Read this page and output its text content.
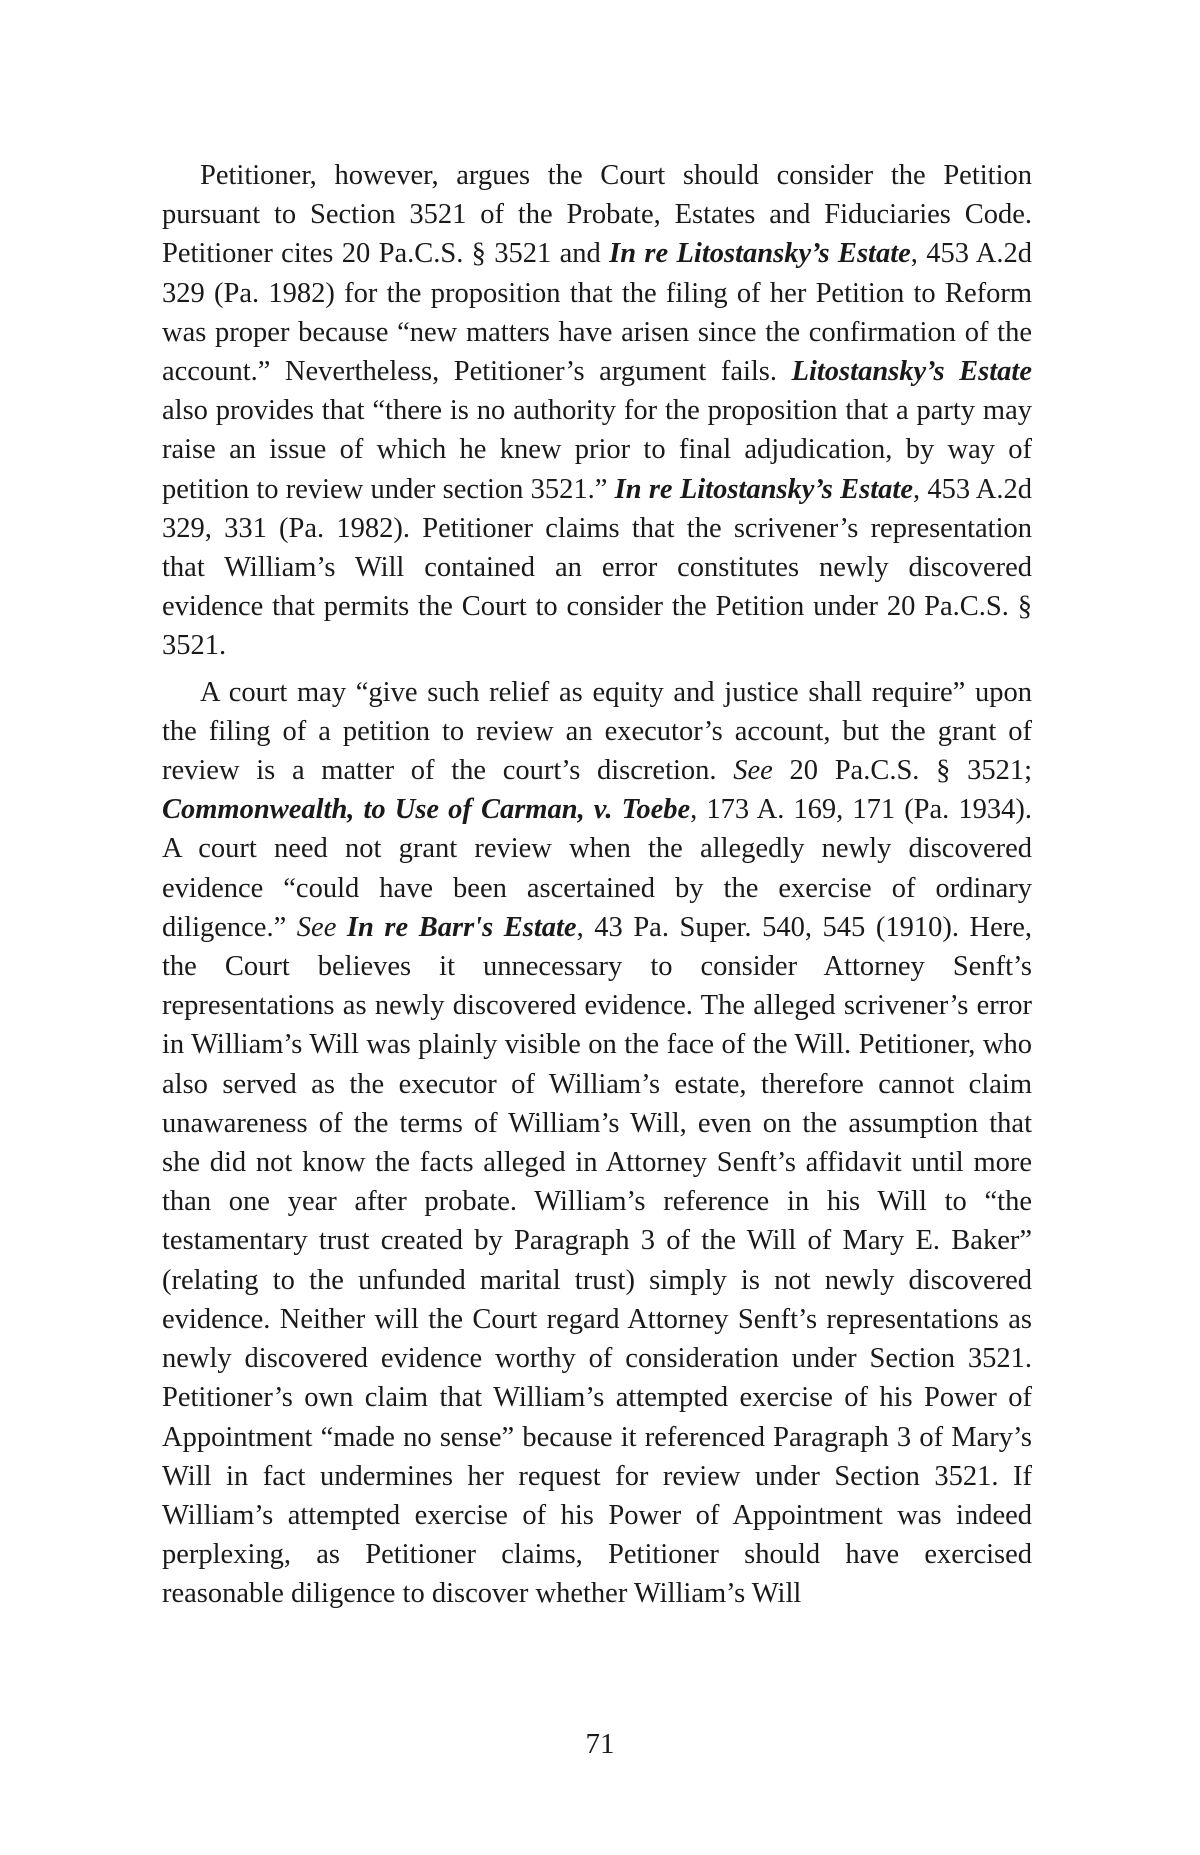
Petitioner, however, argues the Court should consider the Petition pursuant to Section 3521 of the Probate, Estates and Fiduciaries Code. Petitioner cites 20 Pa.C.S. § 3521 and In re Litostansky’s Estate, 453 A.2d 329 (Pa. 1982) for the proposition that the filing of her Petition to Reform was proper because “new matters have arisen since the confirmation of the account.” Nevertheless, Petitioner’s argument fails. Litostansky’s Estate also provides that “there is no authority for the proposition that a party may raise an issue of which he knew prior to final adjudication, by way of petition to review under section 3521.” In re Litostansky’s Estate, 453 A.2d 329, 331 (Pa. 1982). Petitioner claims that the scrivener’s representation that William’s Will contained an error constitutes newly discovered evidence that permits the Court to consider the Petition under 20 Pa.C.S. § 3521.

A court may “give such relief as equity and justice shall require” upon the filing of a petition to review an executor’s account, but the grant of review is a matter of the court’s discretion. See 20 Pa.C.S. § 3521; Commonwealth, to Use of Carman, v. Toebe, 173 A. 169, 171 (Pa. 1934). A court need not grant review when the allegedly newly discovered evidence “could have been ascertained by the exercise of ordinary diligence.” See In re Barr's Estate, 43 Pa. Super. 540, 545 (1910). Here, the Court believes it unnecessary to consider Attorney Senft’s representations as newly discovered evidence. The alleged scrivener’s error in William’s Will was plainly visible on the face of the Will. Petitioner, who also served as the executor of William’s estate, therefore cannot claim unawareness of the terms of William’s Will, even on the assumption that she did not know the facts alleged in Attorney Senft’s affidavit until more than one year after probate. William’s reference in his Will to “the testamentary trust created by Paragraph 3 of the Will of Mary E. Baker” (relating to the unfunded marital trust) simply is not newly discovered evidence. Neither will the Court regard Attorney Senft’s representations as newly discovered evidence worthy of consideration under Section 3521. Petitioner’s own claim that William’s attempted exercise of his Power of Appointment “made no sense” because it referenced Paragraph 3 of Mary’s Will in fact undermines her request for review under Section 3521. If William’s attempted exercise of his Power of Appointment was indeed perplexing, as Petitioner claims, Petitioner should have exercised reasonable diligence to discover whether William’s Will

71
